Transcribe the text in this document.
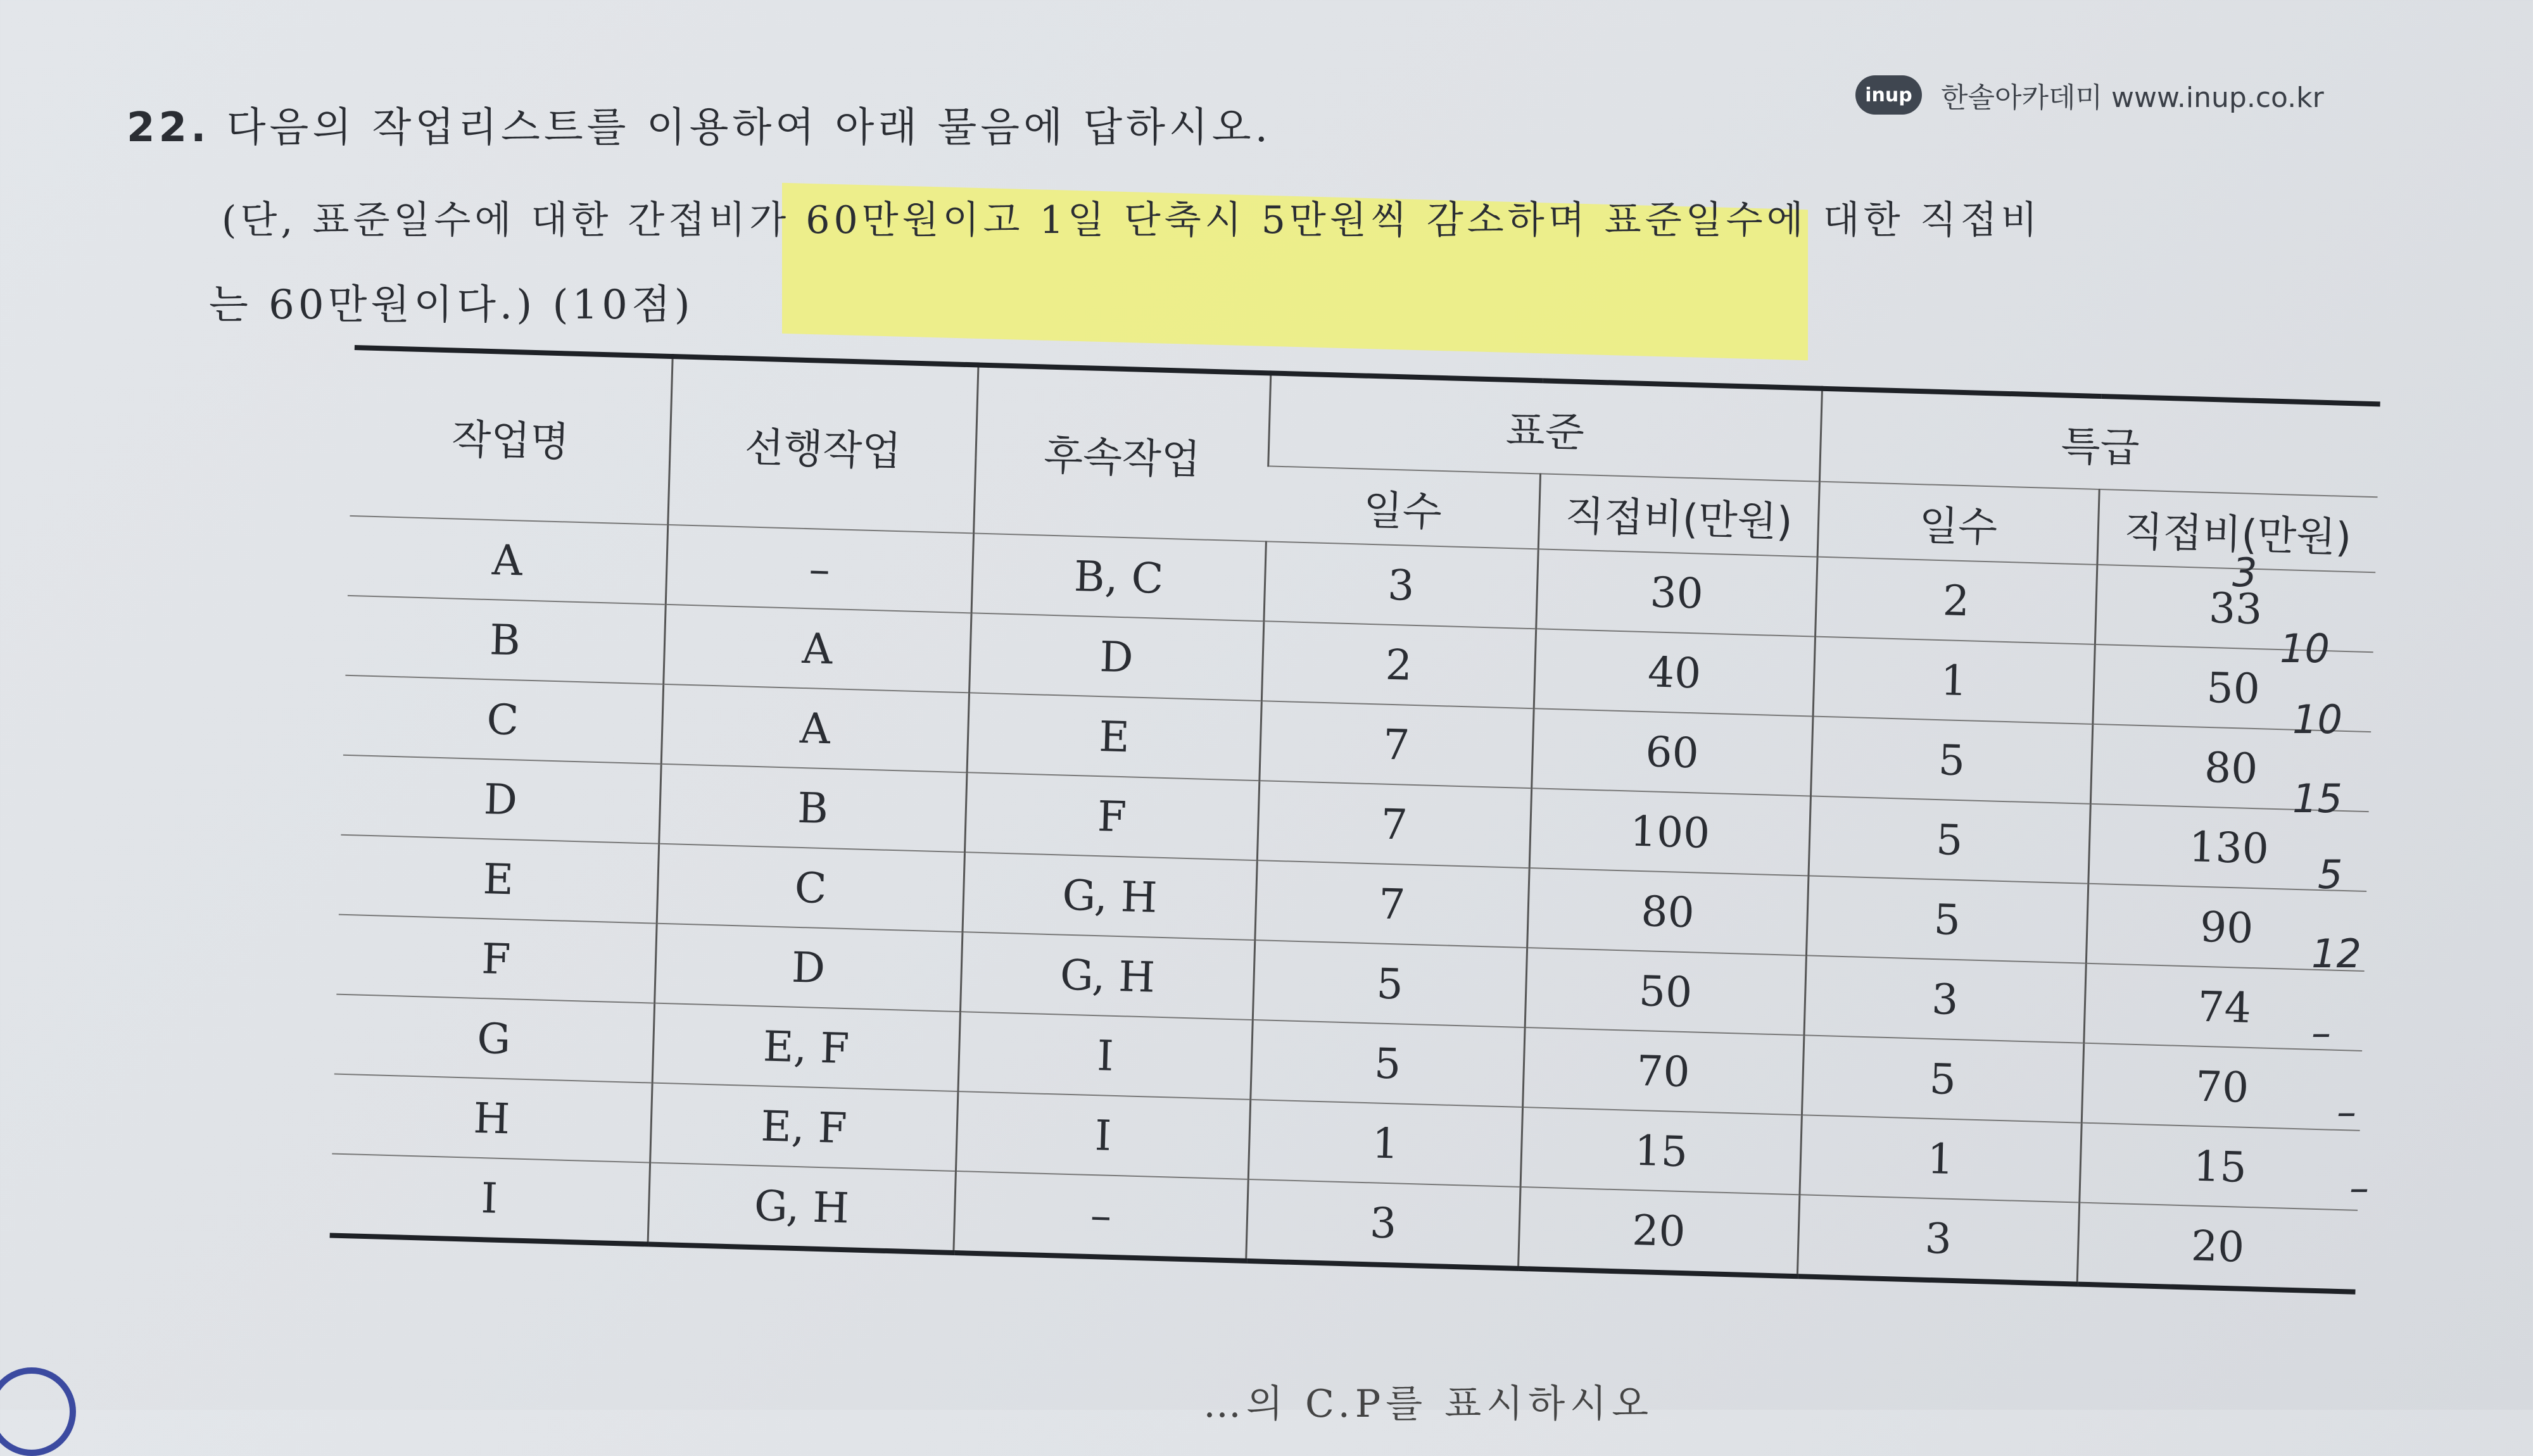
inup	한솔아카데미 www.inup.co.kr
22. 다음의 작업리스트를 이용하여 아래 물음에 답하시오.
(단, 표준일수에 대한 간접비가 60만원이고 1일 단축시 5만원씩 감소하며 표준일수에 대한 직접비
는 60만원이다.) (10점)
작업명	선행작업	후속작업	표준		특급	
			일수	직접비(만원)	일수	직접비(만원)
A	–	B, C	3	30	2	33
B	A	D	2	40	1	50
C	A	E	7	60	5	80
D	B	F	7	100	5	130
E	C	G, H	7	80	5	90
F	D	G, H	5	50	3	74
G	E, F	I	5	70	5	70
H	E, F	I	1	15	1	15
I	G, H	–	3	20	3	20
3
10
10
15
5
12
–
–
–
…의 C.P를 표시하시오
